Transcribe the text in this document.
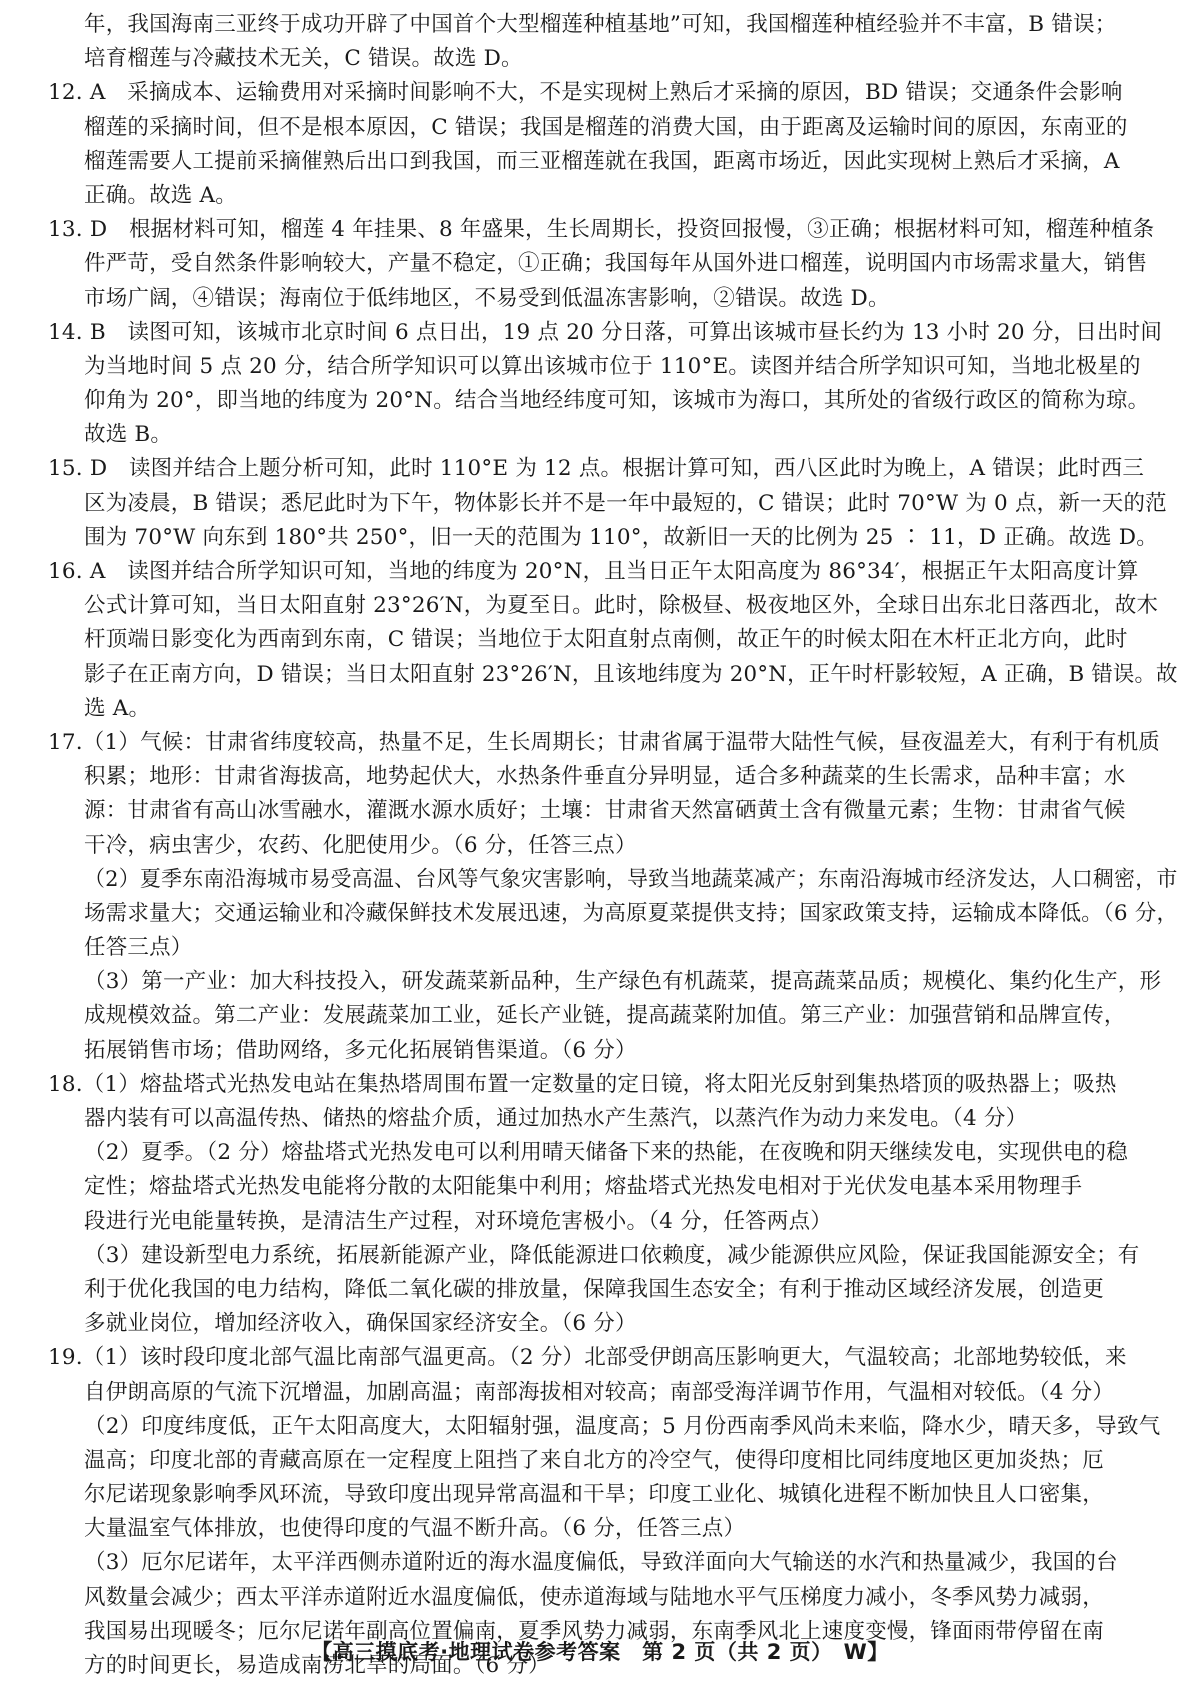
年，我国海南三亚终于成功开辟了中国首个大型榴莲种植基地”可知，我国榴莲种植经验并不丰富，B 错误；
培育榴莲与冷藏技术无关，C 错误。故选 D。
12. A　采摘成本、运输费用对采摘时间影响不大，不是实现树上熟后才采摘的原因，BD 错误；交通条件会影响
榴莲的采摘时间，但不是根本原因，C 错误；我国是榴莲的消费大国，由于距离及运输时间的原因，东南亚的
榴莲需要人工提前采摘催熟后出口到我国，而三亚榴莲就在我国，距离市场近，因此实现树上熟后才采摘，A
正确。故选 A。
13. D　根据材料可知，榴莲 4 年挂果、8 年盛果，生长周期长，投资回报慢，③正确；根据材料可知，榴莲种植条
件严苛，受自然条件影响较大，产量不稳定，①正确；我国每年从国外进口榴莲，说明国内市场需求量大，销售
市场广阔，④错误；海南位于低纬地区，不易受到低温冻害影响，②错误。故选 D。
14. B　读图可知，该城市北京时间 6 点日出，19 点 20 分日落，可算出该城市昼长约为 13 小时 20 分，日出时间
为当地时间 5 点 20 分，结合所学知识可以算出该城市位于 110°E。读图并结合所学知识可知，当地北极星的
仰角为 20°，即当地的纬度为 20°N。结合当地经纬度可知，该城市为海口，其所处的省级行政区的简称为琼。
故选 B。
15. D　读图并结合上题分析可知，此时 110°E 为 12 点。根据计算可知，西八区此时为晚上，A 错误；此时西三
区为凌晨，B 错误；悉尼此时为下午，物体影长并不是一年中最短的，C 错误；此时 70°W 为 0 点，新一天的范
围为 70°W 向东到 180°共 250°，旧一天的范围为 110°，故新旧一天的比例为 25 ∶ 11，D 正确。故选 D。
16. A　读图并结合所学知识可知，当地的纬度为 20°N，且当日正午太阳高度为 86°34′，根据正午太阳高度计算
公式计算可知，当日太阳直射 23°26′N，为夏至日。此时，除极昼、极夜地区外，全球日出东北日落西北，故木
杆顶端日影变化为西南到东南，C 错误；当地位于太阳直射点南侧，故正午的时候太阳在木杆正北方向，此时
影子在正南方向，D 错误；当日太阳直射 23°26′N，且该地纬度为 20°N，正午时杆影较短，A 正确，B 错误。故
选 A。
17.（1）气候：甘肃省纬度较高，热量不足，生长周期长；甘肃省属于温带大陆性气候，昼夜温差大，有利于有机质
积累；地形：甘肃省海拔高，地势起伏大，水热条件垂直分异明显，适合多种蔬菜的生长需求，品种丰富；水
源：甘肃省有高山冰雪融水，灌溉水源水质好；土壤：甘肃省天然富硒黄土含有微量元素；生物：甘肃省气候
干冷，病虫害少，农药、化肥使用少。（6 分，任答三点）
（2）夏季东南沿海城市易受高温、台风等气象灾害影响，导致当地蔬菜减产；东南沿海城市经济发达，人口稠密，市
场需求量大；交通运输业和冷藏保鲜技术发展迅速，为高原夏菜提供支持；国家政策支持，运输成本降低。（6 分，
任答三点）
（3）第一产业：加大科技投入，研发蔬菜新品种，生产绿色有机蔬菜，提高蔬菜品质；规模化、集约化生产，形
成规模效益。第二产业：发展蔬菜加工业，延长产业链，提高蔬菜附加值。第三产业：加强营销和品牌宣传，
拓展销售市场；借助网络，多元化拓展销售渠道。（6 分）
18.（1）熔盐塔式光热发电站在集热塔周围布置一定数量的定日镜，将太阳光反射到集热塔顶的吸热器上；吸热
器内装有可以高温传热、储热的熔盐介质，通过加热水产生蒸汽，以蒸汽作为动力来发电。（4 分）
（2）夏季。（2 分）熔盐塔式光热发电可以利用晴天储备下来的热能，在夜晚和阴天继续发电，实现供电的稳
定性；熔盐塔式光热发电能将分散的太阳能集中利用；熔盐塔式光热发电相对于光伏发电基本采用物理手
段进行光电能量转换，是清洁生产过程，对环境危害极小。（4 分，任答两点）
（3）建设新型电力系统，拓展新能源产业，降低能源进口依赖度，减少能源供应风险，保证我国能源安全；有
利于优化我国的电力结构，降低二氧化碳的排放量，保障我国生态安全；有利于推动区域经济发展，创造更
多就业岗位，增加经济收入，确保国家经济安全。（6 分）
19.（1）该时段印度北部气温比南部气温更高。（2 分）北部受伊朗高压影响更大，气温较高；北部地势较低，来
自伊朗高原的气流下沉增温，加剧高温；南部海拔相对较高；南部受海洋调节作用，气温相对较低。（4 分）
（2）印度纬度低，正午太阳高度大，太阳辐射强，温度高；5 月份西南季风尚未来临，降水少，晴天多，导致气
温高；印度北部的青藏高原在一定程度上阻挡了来自北方的冷空气，使得印度相比同纬度地区更加炎热；厄
尔尼诺现象影响季风环流，导致印度出现异常高温和干旱；印度工业化、城镇化进程不断加快且人口密集，
大量温室气体排放，也使得印度的气温不断升高。（6 分，任答三点）
（3）厄尔尼诺年，太平洋西侧赤道附近的海水温度偏低，导致洋面向大气输送的水汽和热量减少，我国的台
风数量会减少；西太平洋赤道附近水温度偏低，使赤道海域与陆地水平气压梯度力减小，冬季风势力减弱，
我国易出现暖冬；厄尔尼诺年副高位置偏南，夏季风势力减弱，东南季风北上速度变慢，锋面雨带停留在南
方的时间更长，易造成南涝北旱的局面。（6 分）
【高三摸底考·地理试卷参考答案　第 2 页（共 2 页）　W】
